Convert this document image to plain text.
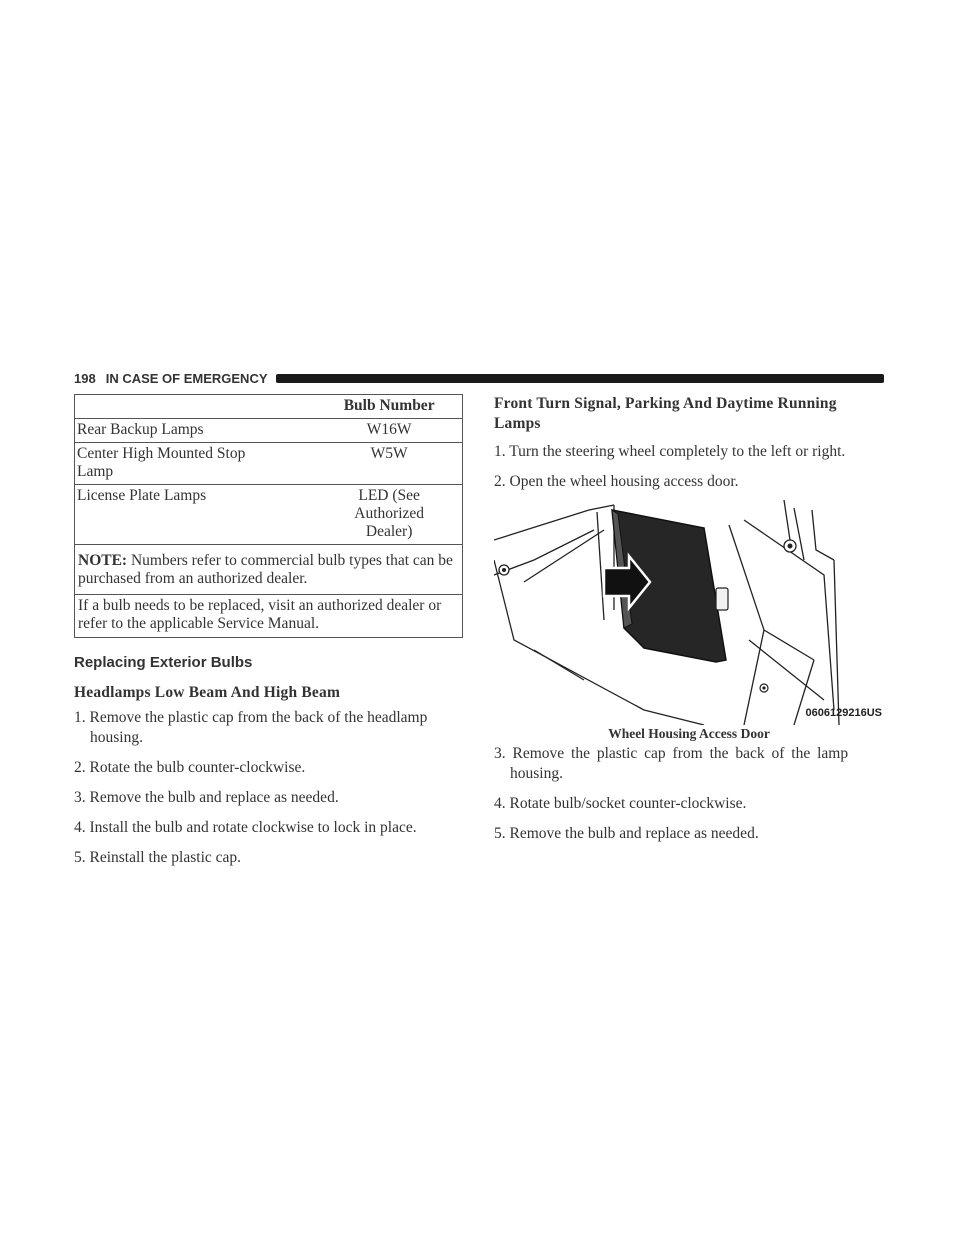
198 IN CASE OF EMERGENCY
	Bulb Number
Rear Backup Lamps	W16W
Center High Mounted Stop Lamp	W5W
License Plate Lamps	LED (See Authorized Dealer)
NOTE: Numbers refer to commercial bulb types that can be purchased from an authorized dealer.	
If a bulb needs to be replaced, visit an authorized dealer or refer to the applicable Service Manual.	
Replacing Exterior Bulbs
Headlamps Low Beam And High Beam

1. Remove the plastic cap from the back of the headlamp
housing.

2. Rotate the bulb counter-clockwise.

3. Remove the bulb and replace as needed.

4. Install the bulb and rotate clockwise to lock in place.

5. Reinstall the plastic cap.

Front Turn Signal, Parking And Daytime Running
Lamps

1. Turn the steering wheel completely to the left or right.

2. Open the wheel housing access door.

0606129216US

Wheel Housing Access Door

3. Remove the plastic cap from the back of the lamp
housing.

4. Rotate bulb/socket counter-clockwise.

5. Remove the bulb and replace as needed.
